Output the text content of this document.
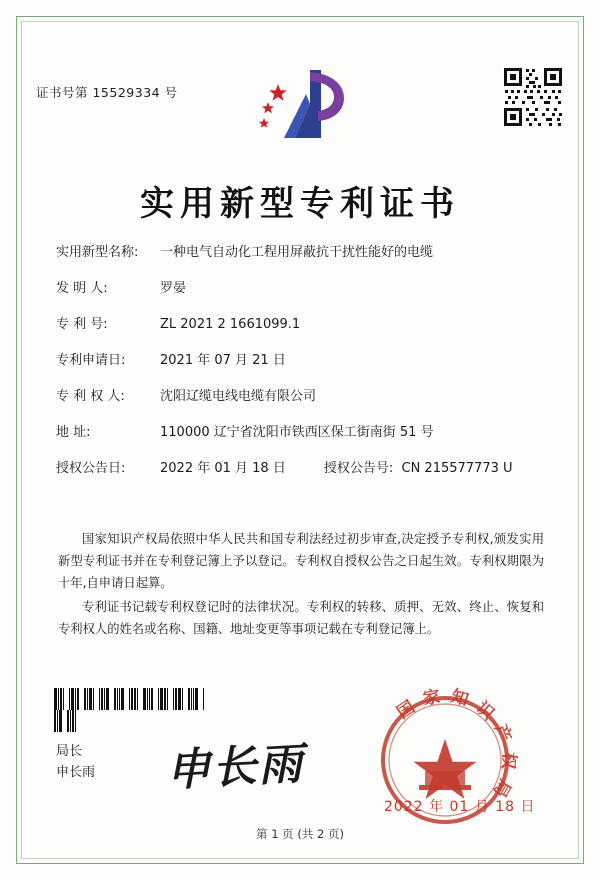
证书号第 15529334 号
实用新型专利证书
实用新型名称: 一种电气自动化工程用屏蔽抗干扰性能好的电缆
发 明 人:	罗晏
专 利 号:	ZL 2021 2 1661099.1
专利申请日:	2021 年 07 月 21 日
专 利 权 人:	沈阳辽缆电线电缆有限公司
地 址:	110000 辽宁省沈阳市铁西区保工街南街 51 号
授权公告日:	2022 年 01 月 18 日	授权公告号: CN 215577773 U

国家知识产权局依照中华人民共和国专利法经过初步审查,决定授予专利权,颁发实用新型专利证书并在专利登记簿上予以登记。专利权自授权公告之日起生效。专利权期限为十年,自申请日起算。

专利证书记载专利权登记时的法律状况。专利权的转移、质押、无效、终止、恢复和专利权人的姓名或名称、国籍、地址变更等事项记载在专利登记簿上。

局长
申长雨 申长雨
国家知识产权局
2022 年 01 月 18 日
第 1 页 (共 2 页)
